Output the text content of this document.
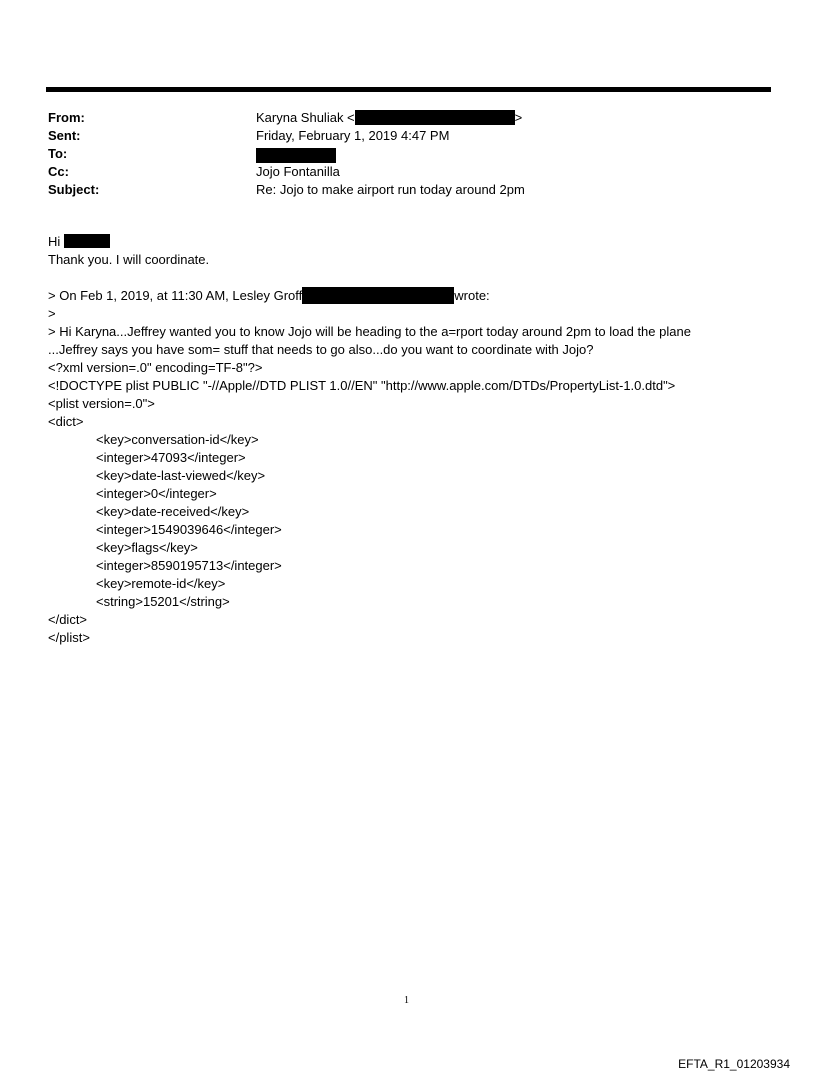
From:	Karyna Shuliak <	>
Sent:	Friday, February 1, 2019 4:47 PM
To:
Cc:	Jojo Fontanilla
Subject:	Re: Jojo to make airport run today around 2pm
Hi
Thank you. I will coordinate.
> On Feb 1, 2019, at 11:30 AM, Lesley Groff	wrote:
>
> Hi Karyna...Jeffrey wanted you to know Jojo will be heading to the a=rport today around 2pm to load the plane
...Jeffrey says you have som= stuff that needs to go also...do you want to coordinate with Jojo?
<?xml version=.0" encoding=TF-8"?>
<!DOCTYPE plist PUBLIC "-//Apple//DTD PLIST 1.0//EN" "http://www.apple.com/DTDs/PropertyList-1.0.dtd">
<plist version=.0">
<dict>
<key>conversation-id</key>
<integer>47093</integer>
<key>date-last-viewed</key>
<integer>0</integer>
<key>date-received</key>
<integer>1549039646</integer>
<key>flags</key>
<integer>8590195713</integer>
<key>remote-id</key>
<string>15201</string>
</dict>
</plist>
1
EFTA_R1_01203934
